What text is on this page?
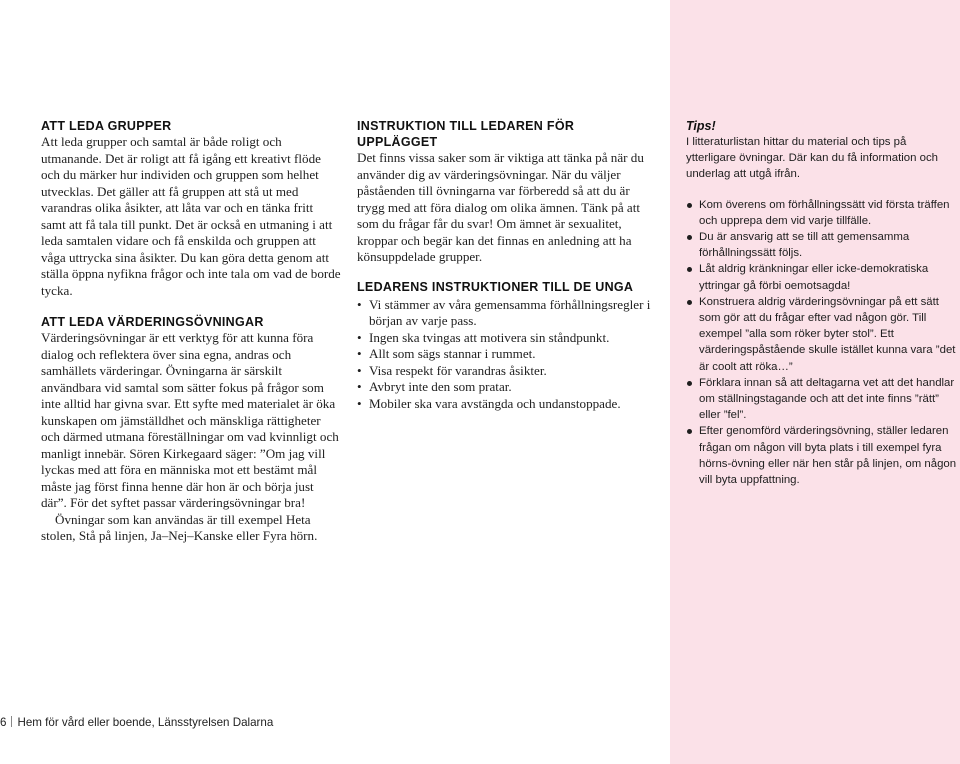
ATT LEDA GRUPPER

Att leda grupper och samtal är både roligt och utmanande. Det är roligt att få igång ett kreativt flöde och du märker hur individen och gruppen som helhet utvecklas. Det gäller att få gruppen att stå ut med varandras olika åsikter, att låta var och en tänka fritt samt att få tala till punkt. Det är också en utmaning i att leda samtalen vidare och få enskilda och gruppen att våga uttrycka sina åsikter. Du kan göra detta genom att ställa öppna nyfikna frågor och inte tala om vad de borde tycka.

ATT LEDA VÄRDERINGSÖVNINGAR

Värderingsövningar är ett verktyg för att kunna föra dialog och reflektera över sina egna, andras och samhällets värderingar. Övningarna är särskilt användbara vid samtal som sätter fokus på frågor som inte alltid har givna svar. Ett syfte med materialet är öka kunskapen om jämställdhet och mänskliga rättigheter och därmed utmana föreställningar om vad kvinnligt och manligt innebär. Sören Kirkegaard säger: ”Om jag vill lyckas med att föra en människa mot ett bestämt mål måste jag först finna henne där hon är och börja just där”. För det syftet passar värderingsövningar bra!

Övningar som kan användas är till exempel Heta stolen, Stå på linjen, Ja–Nej–Kanske eller Fyra hörn.

INSTRUKTION TILL LEDAREN FÖR UPPLÄGGET

Det finns vissa saker som är viktiga att tänka på när du använder dig av värderingsövningar. När du väljer påståenden till övningarna var förberedd så att du är trygg med att föra dialog om olika ämnen. Tänk på att som du frågar får du svar! Om ämnet är sexualitet, kroppar och begär kan det finnas en anledning att ha könsuppdelade grupper.

LEDARENS INSTRUKTIONER TILL DE UNGA
• Vi stämmer av våra gemensamma förhållningsregler i början av varje pass.
• Ingen ska tvingas att motivera sin ståndpunkt.
• Allt som sägs stannar i rummet.
• Visa respekt för varandras åsikter.
• Avbryt inte den som pratar.
• Mobiler ska vara avstängda och undanstoppade.
Tips!

I litteraturlistan hittar du material och tips på ytterligare övningar. Där kan du få information och underlag att utgå ifrån.

Kom överens om förhållningssätt vid första träffen och upprepa dem vid varje tillfälle.
Du är ansvarig att se till att gemensamma förhållningssätt följs.
Låt aldrig kränkningar eller icke-demokratiska yttringar gå förbi oemotsagda!
Konstruera aldrig värderingsövningar på ett sätt som gör att du frågar efter vad någon gör. Till exempel ”alla som röker byter stol”. Ett värderingspåstående skulle istället kunna vara ”det är coolt att röka…”
Förklara innan så att deltagarna vet att det handlar om ställningstagande och att det inte finns ”rätt” eller ”fel”.
Efter genomförd värderingsövning, ställer ledaren frågan om någon vill byta plats i till exempel fyra hörns-övning eller när hen står på linjen, om någon vill byta uppfattning.
6 Hem för vård eller boende, Länsstyrelsen Dalarna
